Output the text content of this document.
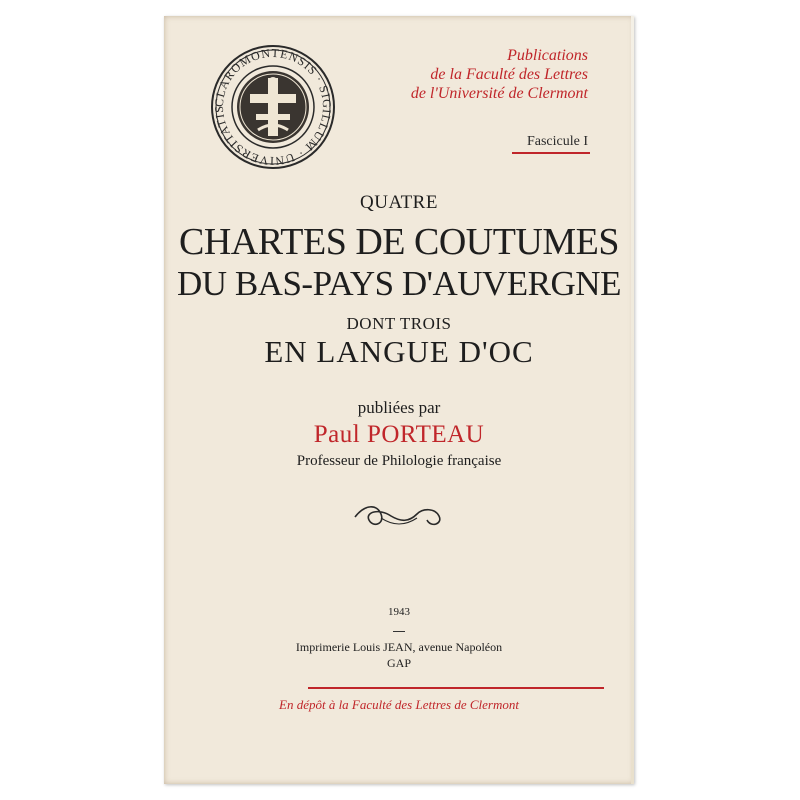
CLAROMONTENSIS · SIGILLUM · UNIVERSITATIS
Publications
de la Faculté des Lettres
de l'Université de Clermont
Fascicule I
QUATRE
CHARTES DE COUTUMES
DU BAS-PAYS D'AUVERGNE
DONT TROIS
EN LANGUE D'OC
publiées par
Paul PORTEAU
Professeur de Philologie française
1943
Imprimerie Louis JEAN, avenue Napoléon
GAP
En dépôt à la Faculté des Lettres de Clermont
